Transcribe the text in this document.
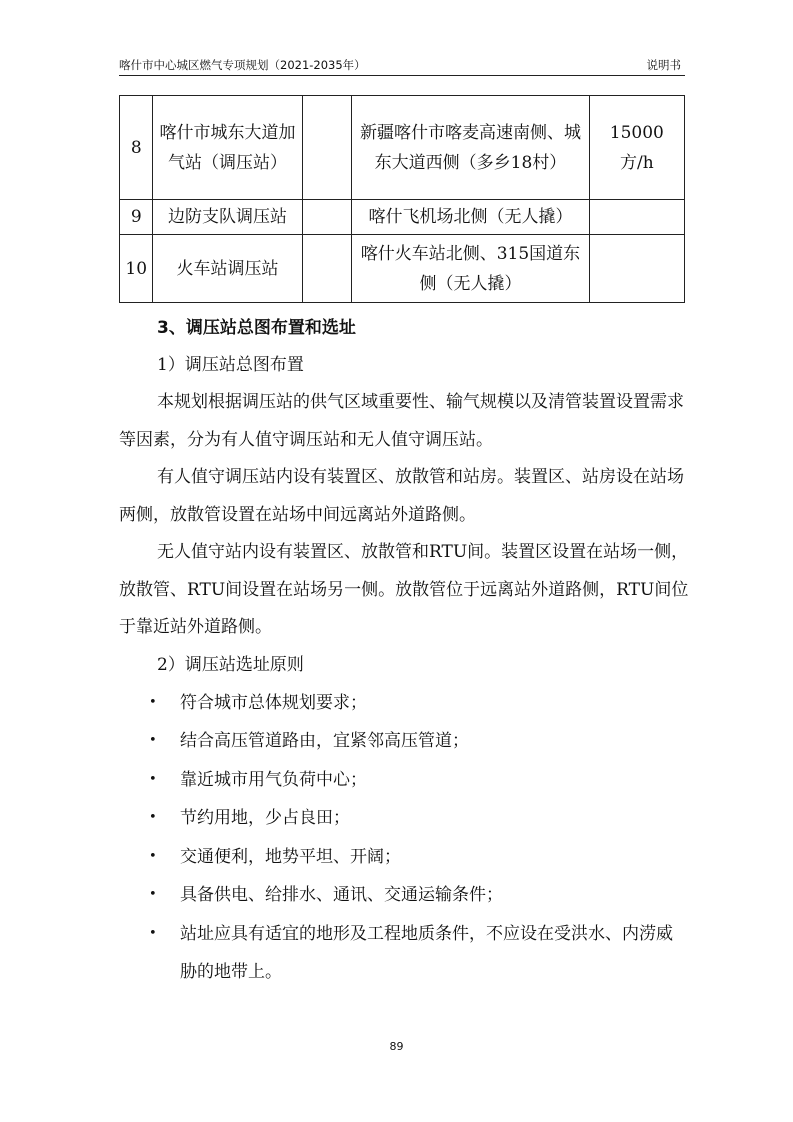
喀什市中心城区燃气专项规划（2021-2035年）	说明书
8	喀什市城东大道加气站（调压站）		新疆喀什市喀麦高速南侧、城东大道西侧（多乡18村）	15000方/h
9	边防支队调压站		喀什飞机场北侧（无人撬）	
10	火车站调压站		喀什火车站北侧、315国道东侧（无人撬）	
3、调压站总图布置和选址
1）调压站总图布置

本规划根据调压站的供气区域重要性、输气规模以及清管装置设置需求等因素，分为有人值守调压站和无人值守调压站。

有人值守调压站内设有装置区、放散管和站房。装置区、站房设在站场两侧，放散管设置在站场中间远离站外道路侧。

无人值守站内设有装置区、放散管和RTU间。装置区设置在站场一侧，放散管、RTU间设置在站场另一侧。放散管位于远离站外道路侧，RTU间位于靠近站外道路侧。

2）调压站选址原则
• 符合城市总体规划要求；
• 结合高压管道路由，宜紧邻高压管道；
• 靠近城市用气负荷中心；
• 节约用地，少占良田；
• 交通便利，地势平坦、开阔；
• 具备供电、给排水、通讯、交通运输条件；
• 站址应具有适宜的地形及工程地质条件，不应设在受洪水、内涝威胁的地带上。
89
